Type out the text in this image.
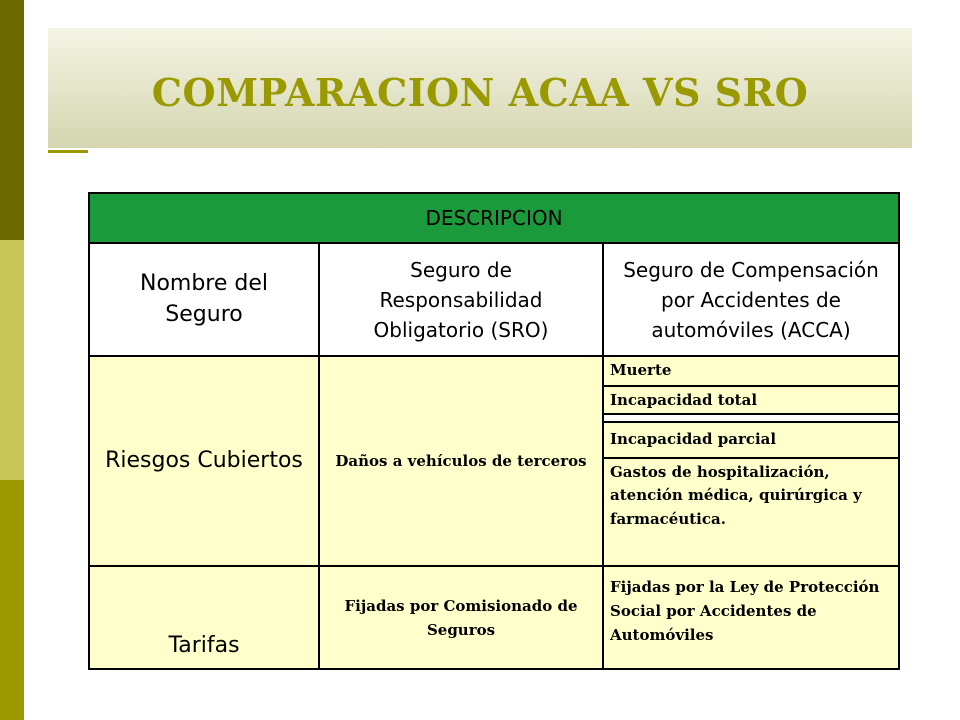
COMPARACION ACAA VS SRO
DESCRIPCION
Nombre del Seguro
Seguro de Responsabilidad Obligatorio (SRO)
Seguro de Compensación por Accidentes de automóviles (ACCA)
Riesgos Cubiertos Daños a vehículos de terceros
Muerte
Incapacidad total
Incapacidad parcial
Gastos de hospitalización, atención médica, quirúrgica y farmacéutica.
Tarifas
Fijadas por Comisionado de Seguros
Fijadas por la Ley de Protección Social por Accidentes de Automóviles
